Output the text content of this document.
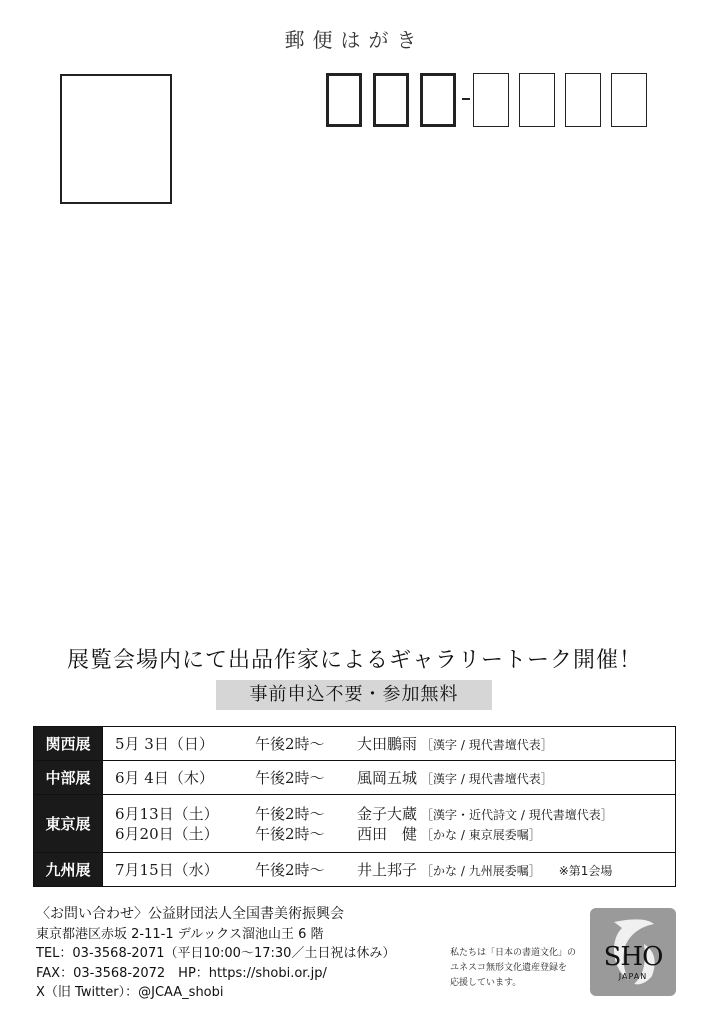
郵便はがき
展覧会場内にて出品作家によるギャラリートーク開催！
事前申込不要・参加無料
関西展	5月 3日（日） 午後2時〜 大田鵬雨 ［漢字 / 現代書壇代表］

中部展	6月 4日（木） 午後2時〜 風岡五城 ［漢字 / 現代書壇代表］

東京展	6月13日（土） 午後2時〜 金子大蔵 ［漢字・近代詩文 / 現代書壇代表］
6月20日（土） 午後2時〜 西田　健 ［かな / 東京展委嘱］

九州展	7月15日（水） 午後2時〜 井上邦子 ［かな / 九州展委嘱］ ※第1会場
〈お問い合わせ〉公益財団法人全国書美術振興会
東京都港区赤坂 2-11-1 デルックス溜池山王 6 階
TEL：03-3568-2071（平日10:00〜17:30／土日祝は休み）
FAX：03-3568-2072　HP：https://shobi.or.jp/
X（旧 Twitter）：@JCAA_shobi
私たちは「日本の書道文化」の
ユネスコ無形文化遺産登録を
応援しています。
SHO
JAPAN
